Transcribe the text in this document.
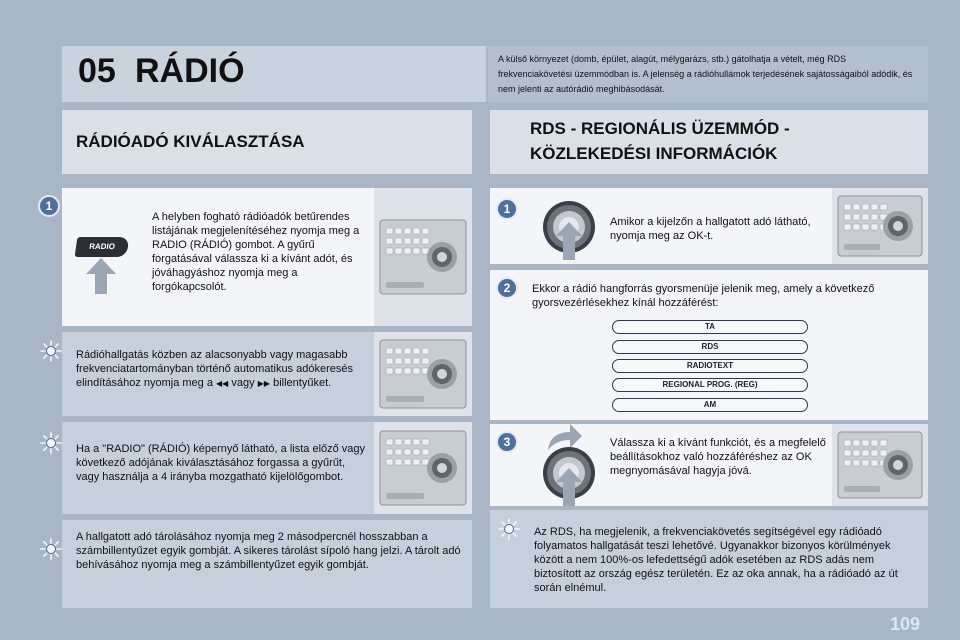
05 RÁDIÓ	A külső környezet (domb, épület, alagút, mélygarázs, stb.) gátolhatja a vételt, még RDS frekvenciakövetési üzemmódban is. A jelenség a rádióhullámok terjedésének sajátosságaiból adódik, és nem jelenti az autórádió meghibásodását.
RÁDIÓADÓ KIVÁLASZTÁSA
RDS - REGIONÁLIS ÜZEMMÓD - KÖZLEKEDÉSI INFORMÁCIÓK
1
RADIO
A helyben fogható rádióadók betűrendes listájának megjelenítéséhez nyomja meg a RADIO (RÁDIÓ) gombot. A gyűrű forgatásával válassza ki a kívánt adót, és jóváhagyáshoz nyomja meg a forgókapcsolót.
Rádióhallgatás közben az alacsonyabb vagy magasabb frekvenciatartományban történő automatikus adókeresés elindításához nyomja meg a ◀◀ vagy ▶▶ billentyűket.
Ha a "RADIO" (RÁDIÓ) képernyő látható, a lista előző vagy következő adójának kiválasztásához forgassa a gyűrűt, vagy használja a 4 irányba mozgatható kijelölőgombot.
A hallgatott adó tárolásához nyomja meg 2 másodpercnél hosszabban a számbillentyűzet egyik gombját. A sikeres tárolást sípoló hang jelzi. A tárolt adó behívásához nyomja meg a számbillentyűzet egyik gombját.
1
Amikor a kijelzőn a hallgatott adó látható, nyomja meg az OK-t.
2	Ekkor a rádió hangforrás gyorsmenüje jelenik meg, amely a következő gyorsvezérlésekhez kínál hozzáférést:
TA
RDS
RADIOTEXT
REGIONAL PROG. (REG)
AM
3	Válassza ki a kívánt funkciót, és a megfelelő beállításokhoz való hozzáféréshez az OK megnyomásával hagyja jóvá.
Az RDS, ha megjelenik, a frekvenciakövetés segítségével egy rádióadó folyamatos hallgatását teszi lehetővé. Ugyanakkor bizonyos körülmények között a nem 100%-os lefedettségű adók esetében az RDS adás nem biztosított az ország egész területén. Ez az oka annak, ha a rádióadó az út során elnémul.
109
